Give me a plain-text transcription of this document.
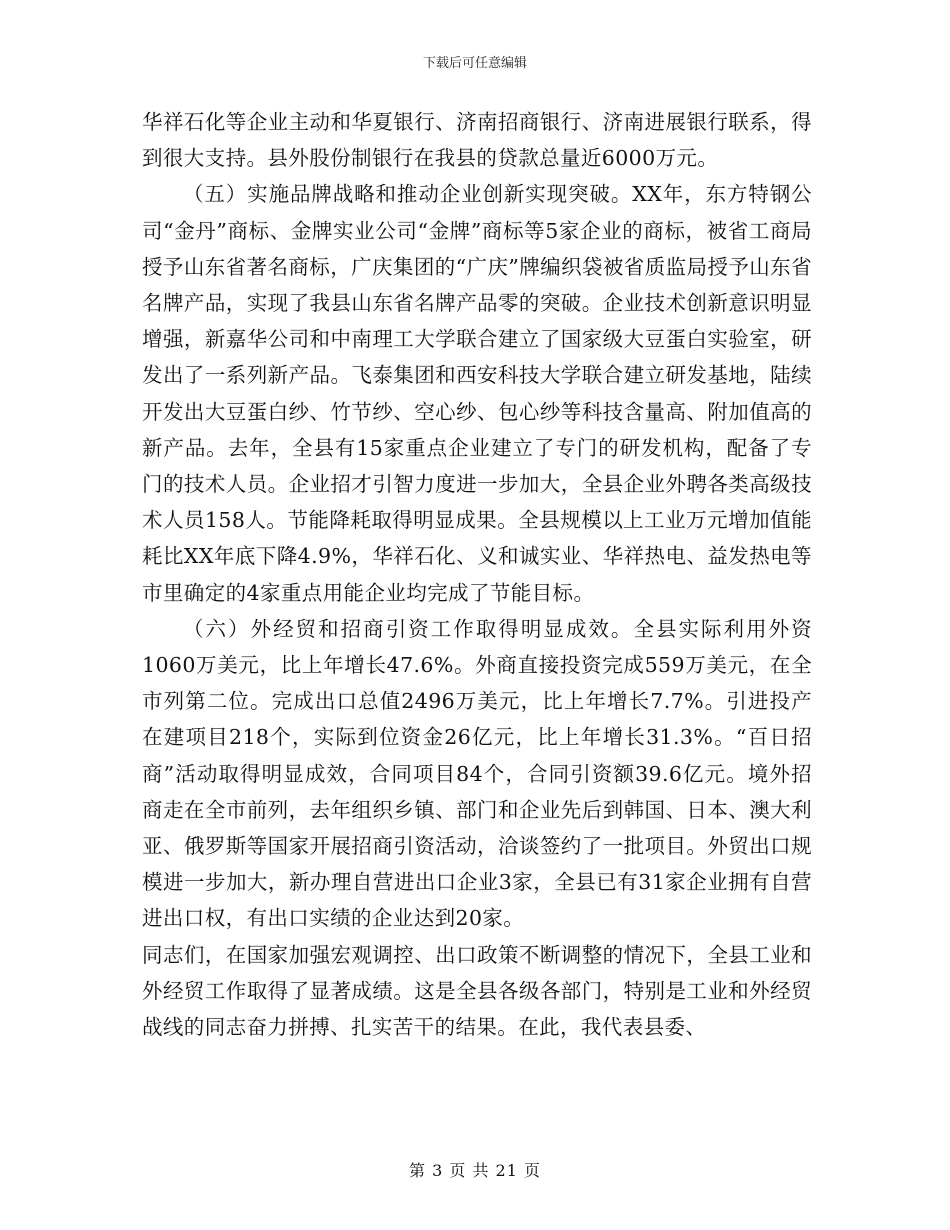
下载后可任意编辑

华祥石化等企业主动和华夏银行、济南招商银行、济南进展银行联系，得到很大支持。县外股份制银行在我县的贷款总量近6000万元。

（五）实施品牌战略和推动企业创新实现突破。XX年，东方特钢公司“金丹”商标、金牌实业公司“金牌”商标等5家企业的商标，被省工商局授予山东省著名商标，广庆集团的“广庆”牌编织袋被省质监局授予山东省名牌产品，实现了我县山东省名牌产品零的突破。企业技术创新意识明显增强，新嘉华公司和中南理工大学联合建立了国家级大豆蛋白实验室，研发出了一系列新产品。飞泰集团和西安科技大学联合建立研发基地，陆续开发出大豆蛋白纱、竹节纱、空心纱、包心纱等科技含量高、附加值高的新产品。去年，全县有15家重点企业建立了专门的研发机构，配备了专门的技术人员。企业招才引智力度进一步加大，全县企业外聘各类高级技术人员158人。节能降耗取得明显成果。全县规模以上工业万元增加值能耗比XX年底下降4.9%，华祥石化、义和诚实业、华祥热电、益发热电等市里确定的4家重点用能企业均完成了节能目标。

（六）外经贸和招商引资工作取得明显成效。全县实际利用外资1060万美元，比上年增长47.6%。外商直接投资完成559万美元，在全市列第二位。完成出口总值2496万美元，比上年增长7.7%。引进投产在建项目218个，实际到位资金26亿元，比上年增长31.3%。“百日招商”活动取得明显成效，合同项目84个，合同引资额39.6亿元。境外招商走在全市前列，去年组织乡镇、部门和企业先后到韩国、日本、澳大利亚、俄罗斯等国家开展招商引资活动，洽谈签约了一批项目。外贸出口规模进一步加大，新办理自营进出口企业3家，全县已有31家企业拥有自营进出口权，有出口实绩的企业达到20家。

同志们，在国家加强宏观调控、出口政策不断调整的情况下，全县工业和外经贸工作取得了显著成绩。这是全县各级各部门，特别是工业和外经贸战线的同志奋力拼搏、扎实苦干的结果。在此，我代表县委、

第 3 页 共 21 页
